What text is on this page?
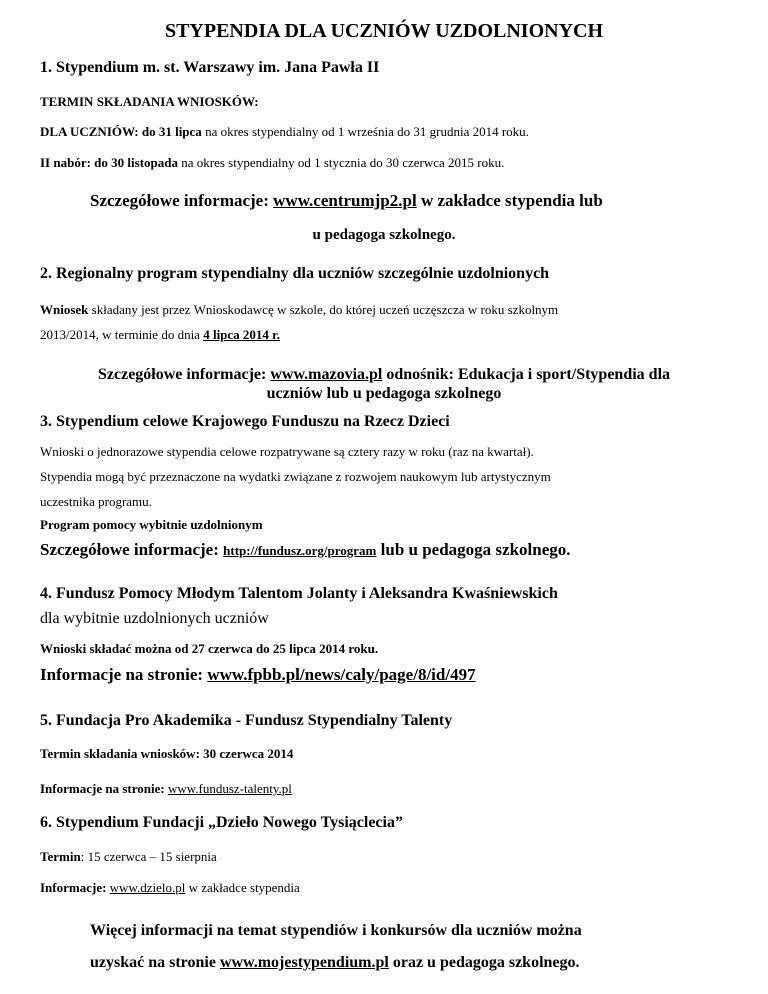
STYPENDIA DLA UCZNIÓW UZDOLNIONYCH
1. Stypendium m. st. Warszawy im. Jana Pawła II
TERMIN SKŁADANIA WNIOSKÓW:
DLA UCZNIÓW: do 31 lipca na okres stypendialny od 1 września do 31 grudnia 2014 roku.
II nabór: do 30 listopada na okres stypendialny od 1 stycznia do 30 czerwca 2015 roku.
Szczegółowe informacje: www.centrumjp2.pl w zakładce stypendia lub
u pedagoga szkolnego.
2. Regionalny program stypendialny dla uczniów szczególnie uzdolnionych
Wniosek składany jest przez Wnioskodawcę w szkole, do której uczeń uczęszcza w roku szkolnym
2013/2014, w terminie do dnia 4 lipca 2014 r.
Szczegółowe informacje: www.mazovia.pl odnośnik: Edukacja i sport/Stypendia dla
uczniów lub u pedagoga szkolnego
3. Stypendium celowe Krajowego Funduszu na Rzecz Dzieci
Wnioski o jednorazowe stypendia celowe rozpatrywane są cztery razy w roku (raz na kwartał).
Stypendia mogą być przeznaczone na wydatki związane z rozwojem naukowym lub artystycznym
uczestnika programu.
Program pomocy wybitnie uzdolnionym
Szczegółowe informacje: http://fundusz.org/program lub u pedagoga szkolnego.
4. Fundusz Pomocy Młodym Talentom Jolanty i Aleksandra Kwaśniewskich
dla wybitnie uzdolnionych uczniów
Wnioski składać można od 27 czerwca do 25 lipca 2014 roku.
Informacje na stronie: www.fpbb.pl/news/caly/page/8/id/497
5. Fundacja Pro Akademika - Fundusz Stypendialny Talenty
Termin składania wniosków: 30 czerwca 2014
Informacje na stronie: www.fundusz-talenty.pl
6. Stypendium Fundacji „Dzieło Nowego Tysiąclecia”
Termin: 15 czerwca – 15 sierpnia
Informacje: www.dzielo.pl w zakładce stypendia
Więcej informacji na temat stypendiów i konkursów dla uczniów można
uzyskać na stronie www.mojestypendium.pl oraz u pedagoga szkolnego.
